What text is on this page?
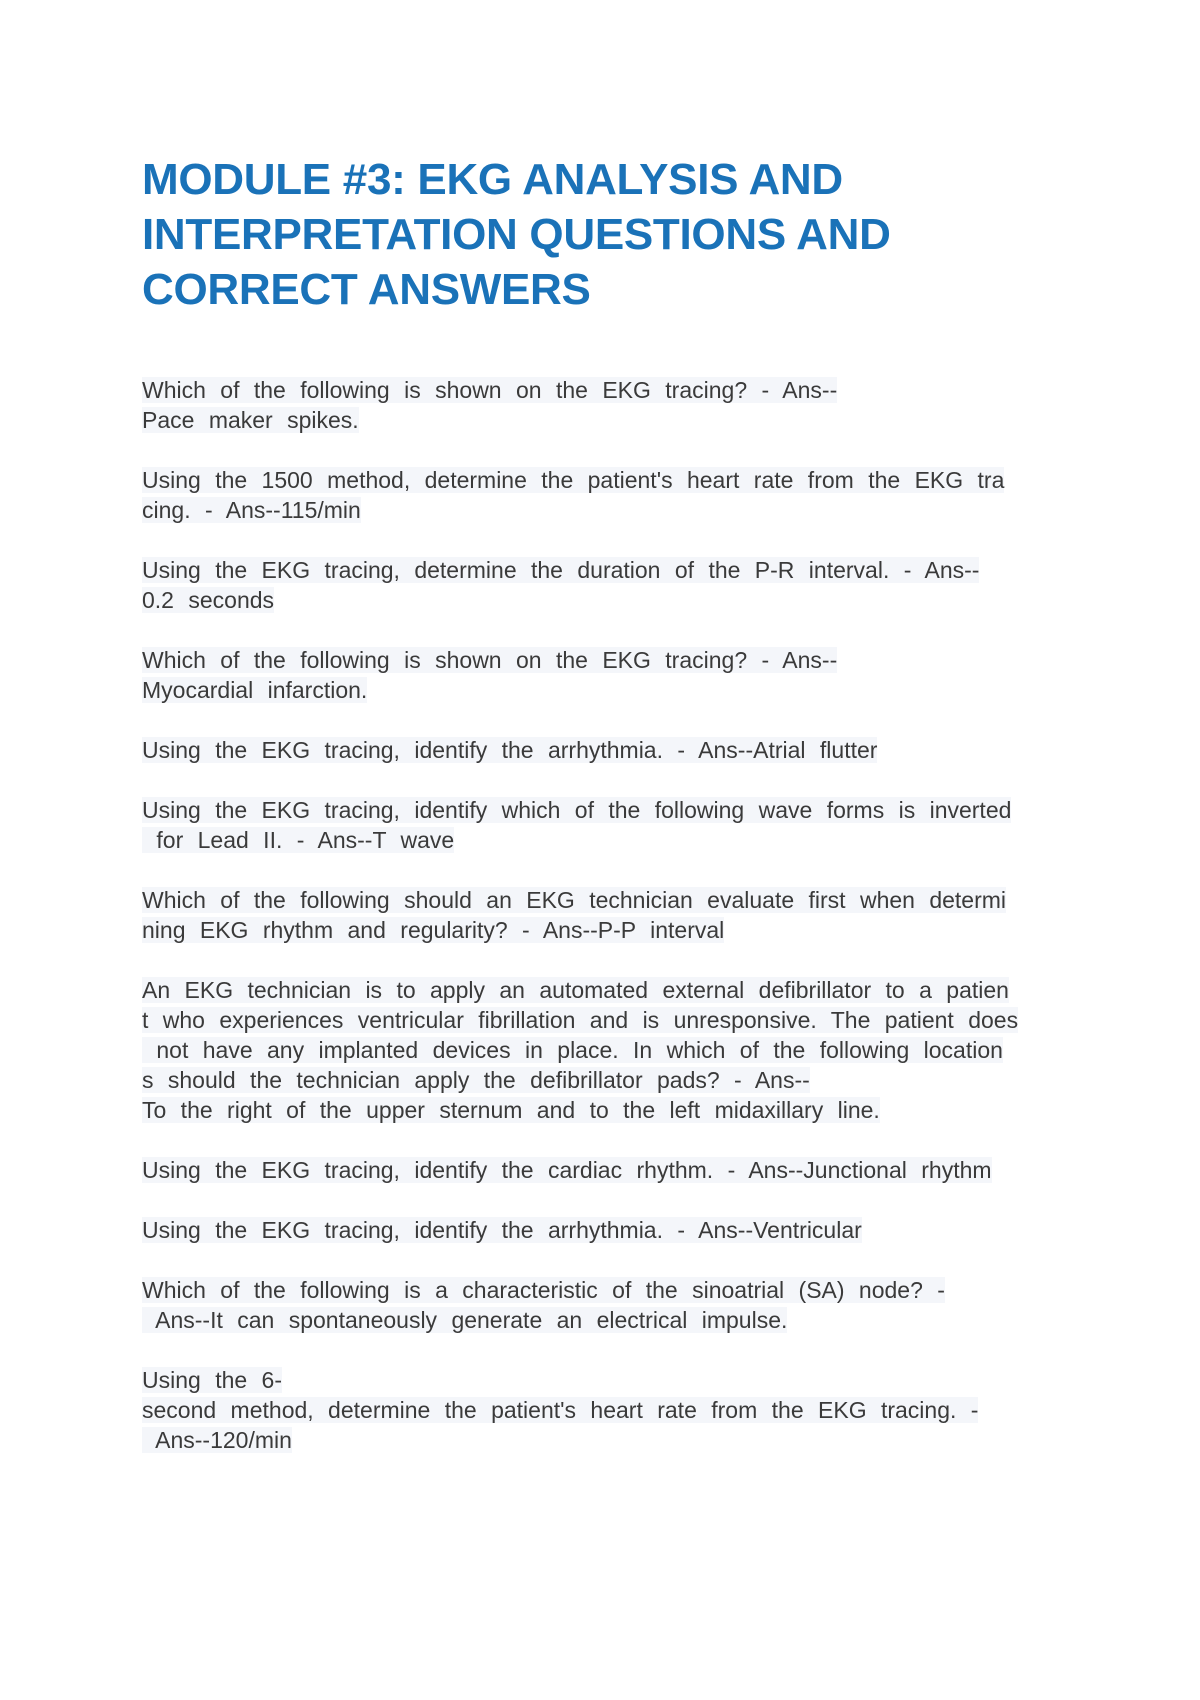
MODULE #3: EKG ANALYSIS AND
INTERPRETATION QUESTIONS AND
CORRECT ANSWERS
Which of the following is shown on the EKG tracing? - Ans--
Pace maker spikes.
Using the 1500 method, determine the patient's heart rate from the EKG tra
cing. - Ans--115/min
Using the EKG tracing, determine the duration of the P-R interval. - Ans--
0.2 seconds
Which of the following is shown on the EKG tracing? - Ans--
Myocardial infarction.
Using the EKG tracing, identify the arrhythmia. - Ans--Atrial flutter
Using the EKG tracing, identify which of the following wave forms is inverted
for Lead II. - Ans--T wave
Which of the following should an EKG technician evaluate first when determi
ning EKG rhythm and regularity? - Ans--P-P interval
An EKG technician is to apply an automated external defibrillator to a patien
t who experiences ventricular fibrillation and is unresponsive. The patient does
not have any implanted devices in place. In which of the following location
s should the technician apply the defibrillator pads? - Ans--
To the right of the upper sternum and to the left midaxillary line.
Using the EKG tracing, identify the cardiac rhythm. - Ans--Junctional rhythm
Using the EKG tracing, identify the arrhythmia. - Ans--Ventricular
Which of the following is a characteristic of the sinoatrial (SA) node? -
Ans--It can spontaneously generate an electrical impulse.
Using the 6-
second method, determine the patient's heart rate from the EKG tracing. -
Ans--120/min
